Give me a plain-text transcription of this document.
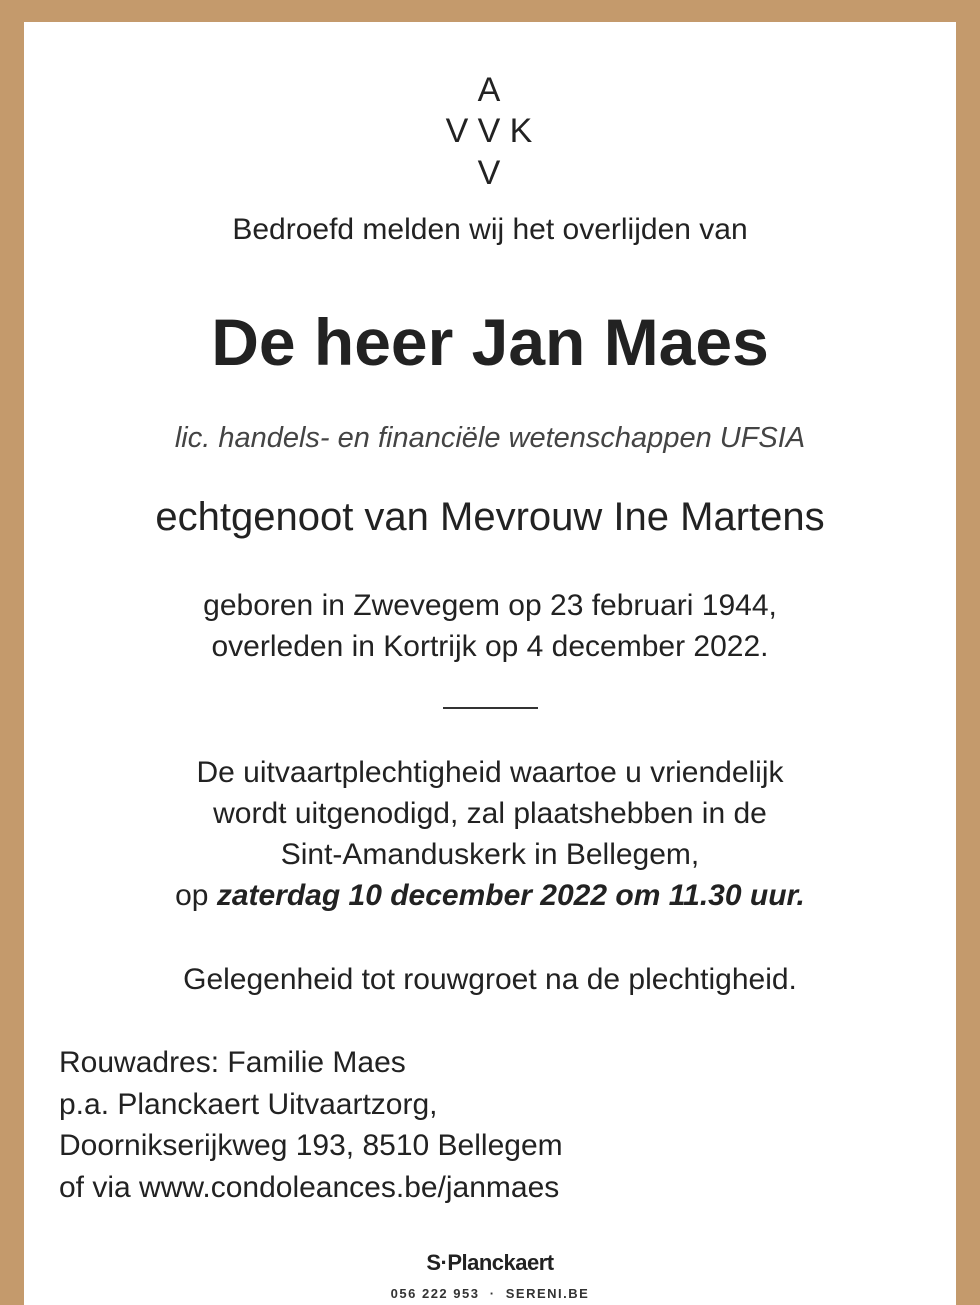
A
V V K
V
Bedroefd melden wij het overlijden van
De heer Jan Maes
lic. handels- en financiële wetenschappen UFSIA
echtgenoot van Mevrouw Ine Martens
geboren in Zwevegem op 23 februari 1944,
overleden in Kortrijk op 4 december 2022.
De uitvaartplechtigheid waartoe u vriendelijk
wordt uitgenodigd, zal plaatshebben in de
Sint-Amanduskerk in Bellegem,
op zaterdag 10 december 2022 om 11.30 uur.
Gelegenheid tot rouwgroet na de plechtigheid.
Rouwadres: Familie Maes
p.a. Planckaert Uitvaartzorg,
Doornikserijkweg 193, 8510 Bellegem
of via www.condoleances.be/janmaes
S·Planckaert
056 222 953  ·  SERENI.BE
